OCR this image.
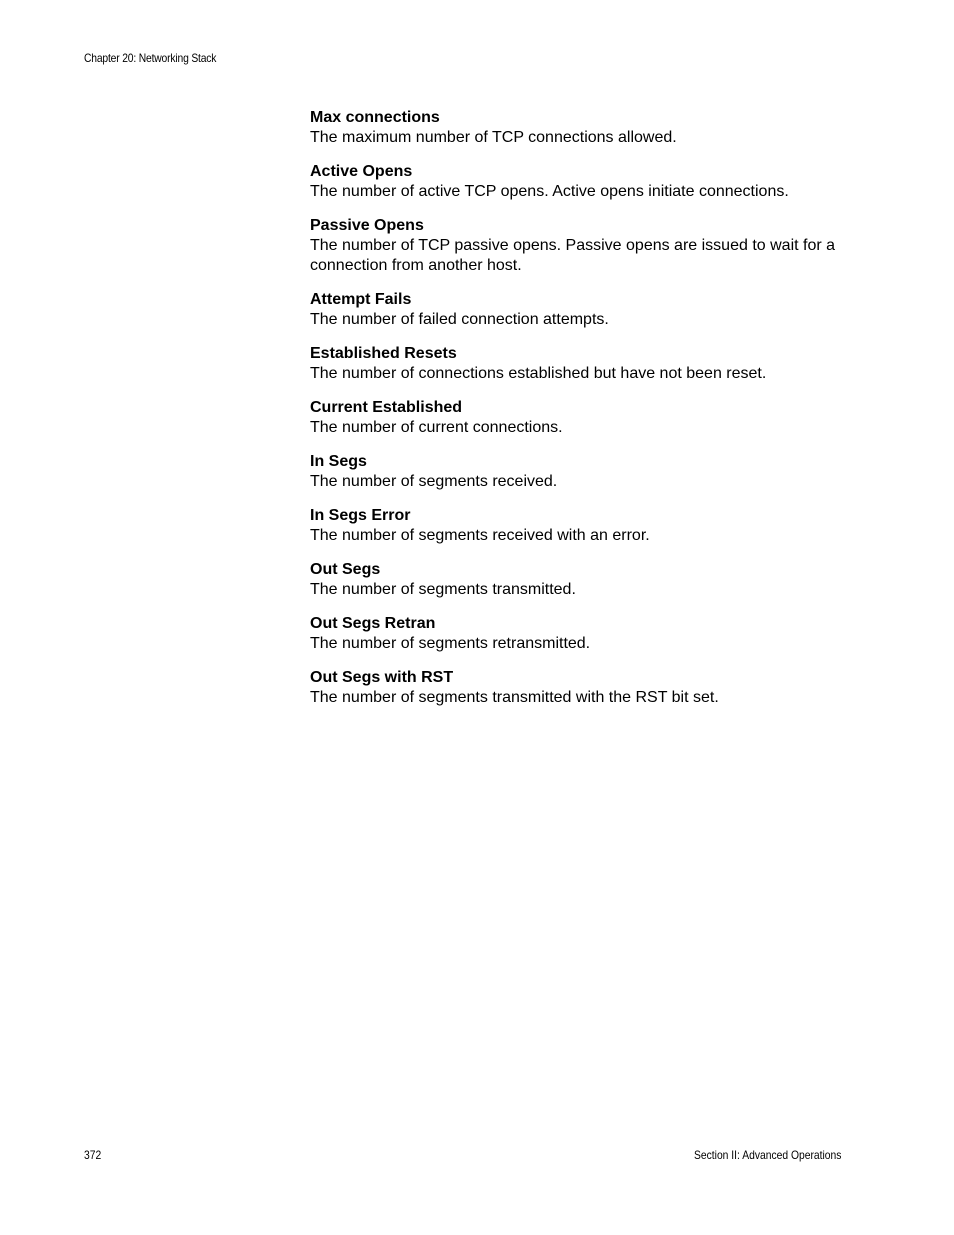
Chapter 20: Networking Stack
Max connections
The maximum number of TCP connections allowed.
Active Opens
The number of active TCP opens. Active opens initiate connections.
Passive Opens
The number of TCP passive opens. Passive opens are issued to wait for a connection from another host.
Attempt Fails
The number of failed connection attempts.
Established Resets
The number of connections established but have not been reset.
Current Established
The number of current connections.
In Segs
The number of segments received.
In Segs Error
The number of segments received with an error.
Out Segs
The number of segments transmitted.
Out Segs Retran
The number of segments retransmitted.
Out Segs with RST
The number of segments transmitted with the RST bit set.
372	Section II: Advanced Operations
